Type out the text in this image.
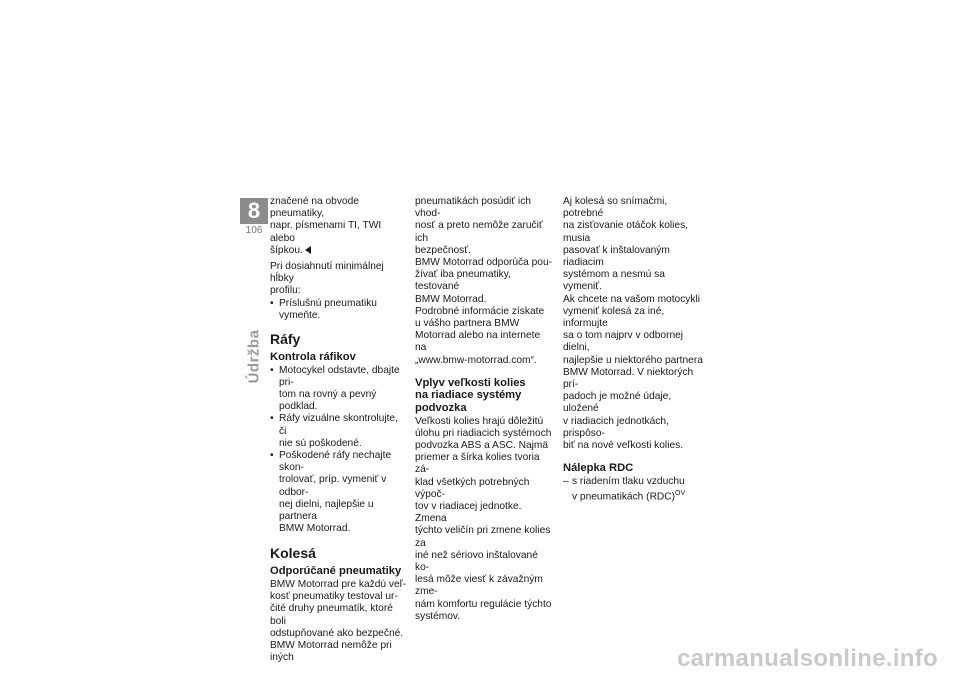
8
106
Údržba

značené na obvode pneumatiky,
napr. písmenami TI, TWI alebo
šípkou.

Pri dosiahnutí minimálnej hĺbky
profilu:

• Príslušnú pneumatiku vymeňte.
Ráfy
Kontrola ráfikov
• Motocykel odstavte, dbajte pri-
tom na rovný a pevný podklad.
• Ráfy vizuálne skontrolujte, či
nie sú poškodené.
• Poškodené ráfy nechajte skon-
trolovať, príp. vymeniť v odbor-
nej dielni, najlepšie u partnera
BMW Motorrad.
Kolesá
Odporúčané pneumatiky

BMW Motorrad pre každú veľ-
kosť pneumatiky testoval ur-
čité druhy pneumatík, ktoré boli
odstupňované ako bezpečné.
BMW Motorrad nemôže pri iných

pneumatikách posúdiť ich vhod-
nosť a preto nemôže zaručiť ich
bezpečnosť.

BMW Motorrad odporúča pou-
žívať iba pneumatiky, testované
BMW Motorrad.

Podrobné informácie získate
u vášho partnera BMW
Motorrad alebo na internete na
„www.bmw-motorrad.com“.

Vplyv veľkosti kolies
na riadiace systémy
podvozka

Veľkosti kolies hrajú dôležitú
úlohu pri riadiacich systémoch
podvozka ABS a ASC. Najmä
priemer a šírka kolies tvoria zá-
klad všetkých potrebných výpoč-
tov v riadiacej jednotke. Zmena
týchto veličín pri zmene kolies za
iné než sériovo inštalované ko-
lesá môže viesť k závažným zme-
nám komfortu regulácie týchto
systémov.

Aj kolesá so snímačmi, potrebné
na zisťovanie otáčok kolies, musia
pasovať k inštalovaným riadiacim
systémom a nesmú sa vymeniť.

Ak chcete na vašom motocykli
vymeniť kolesá za iné, informujte
sa o tom najprv v odbornej dielni,
najlepšie u niektorého partnera
BMW Motorrad. V niektorých prí-
padoch je možné údaje, uložené
v riadiacich jednotkách, prispôso-
biť na nové veľkosti kolies.

Nálepka RDC
– s riadením tlaku vzduchu
v pneumatikách (RDC)$^{OV}$
carmanualsonline.info
